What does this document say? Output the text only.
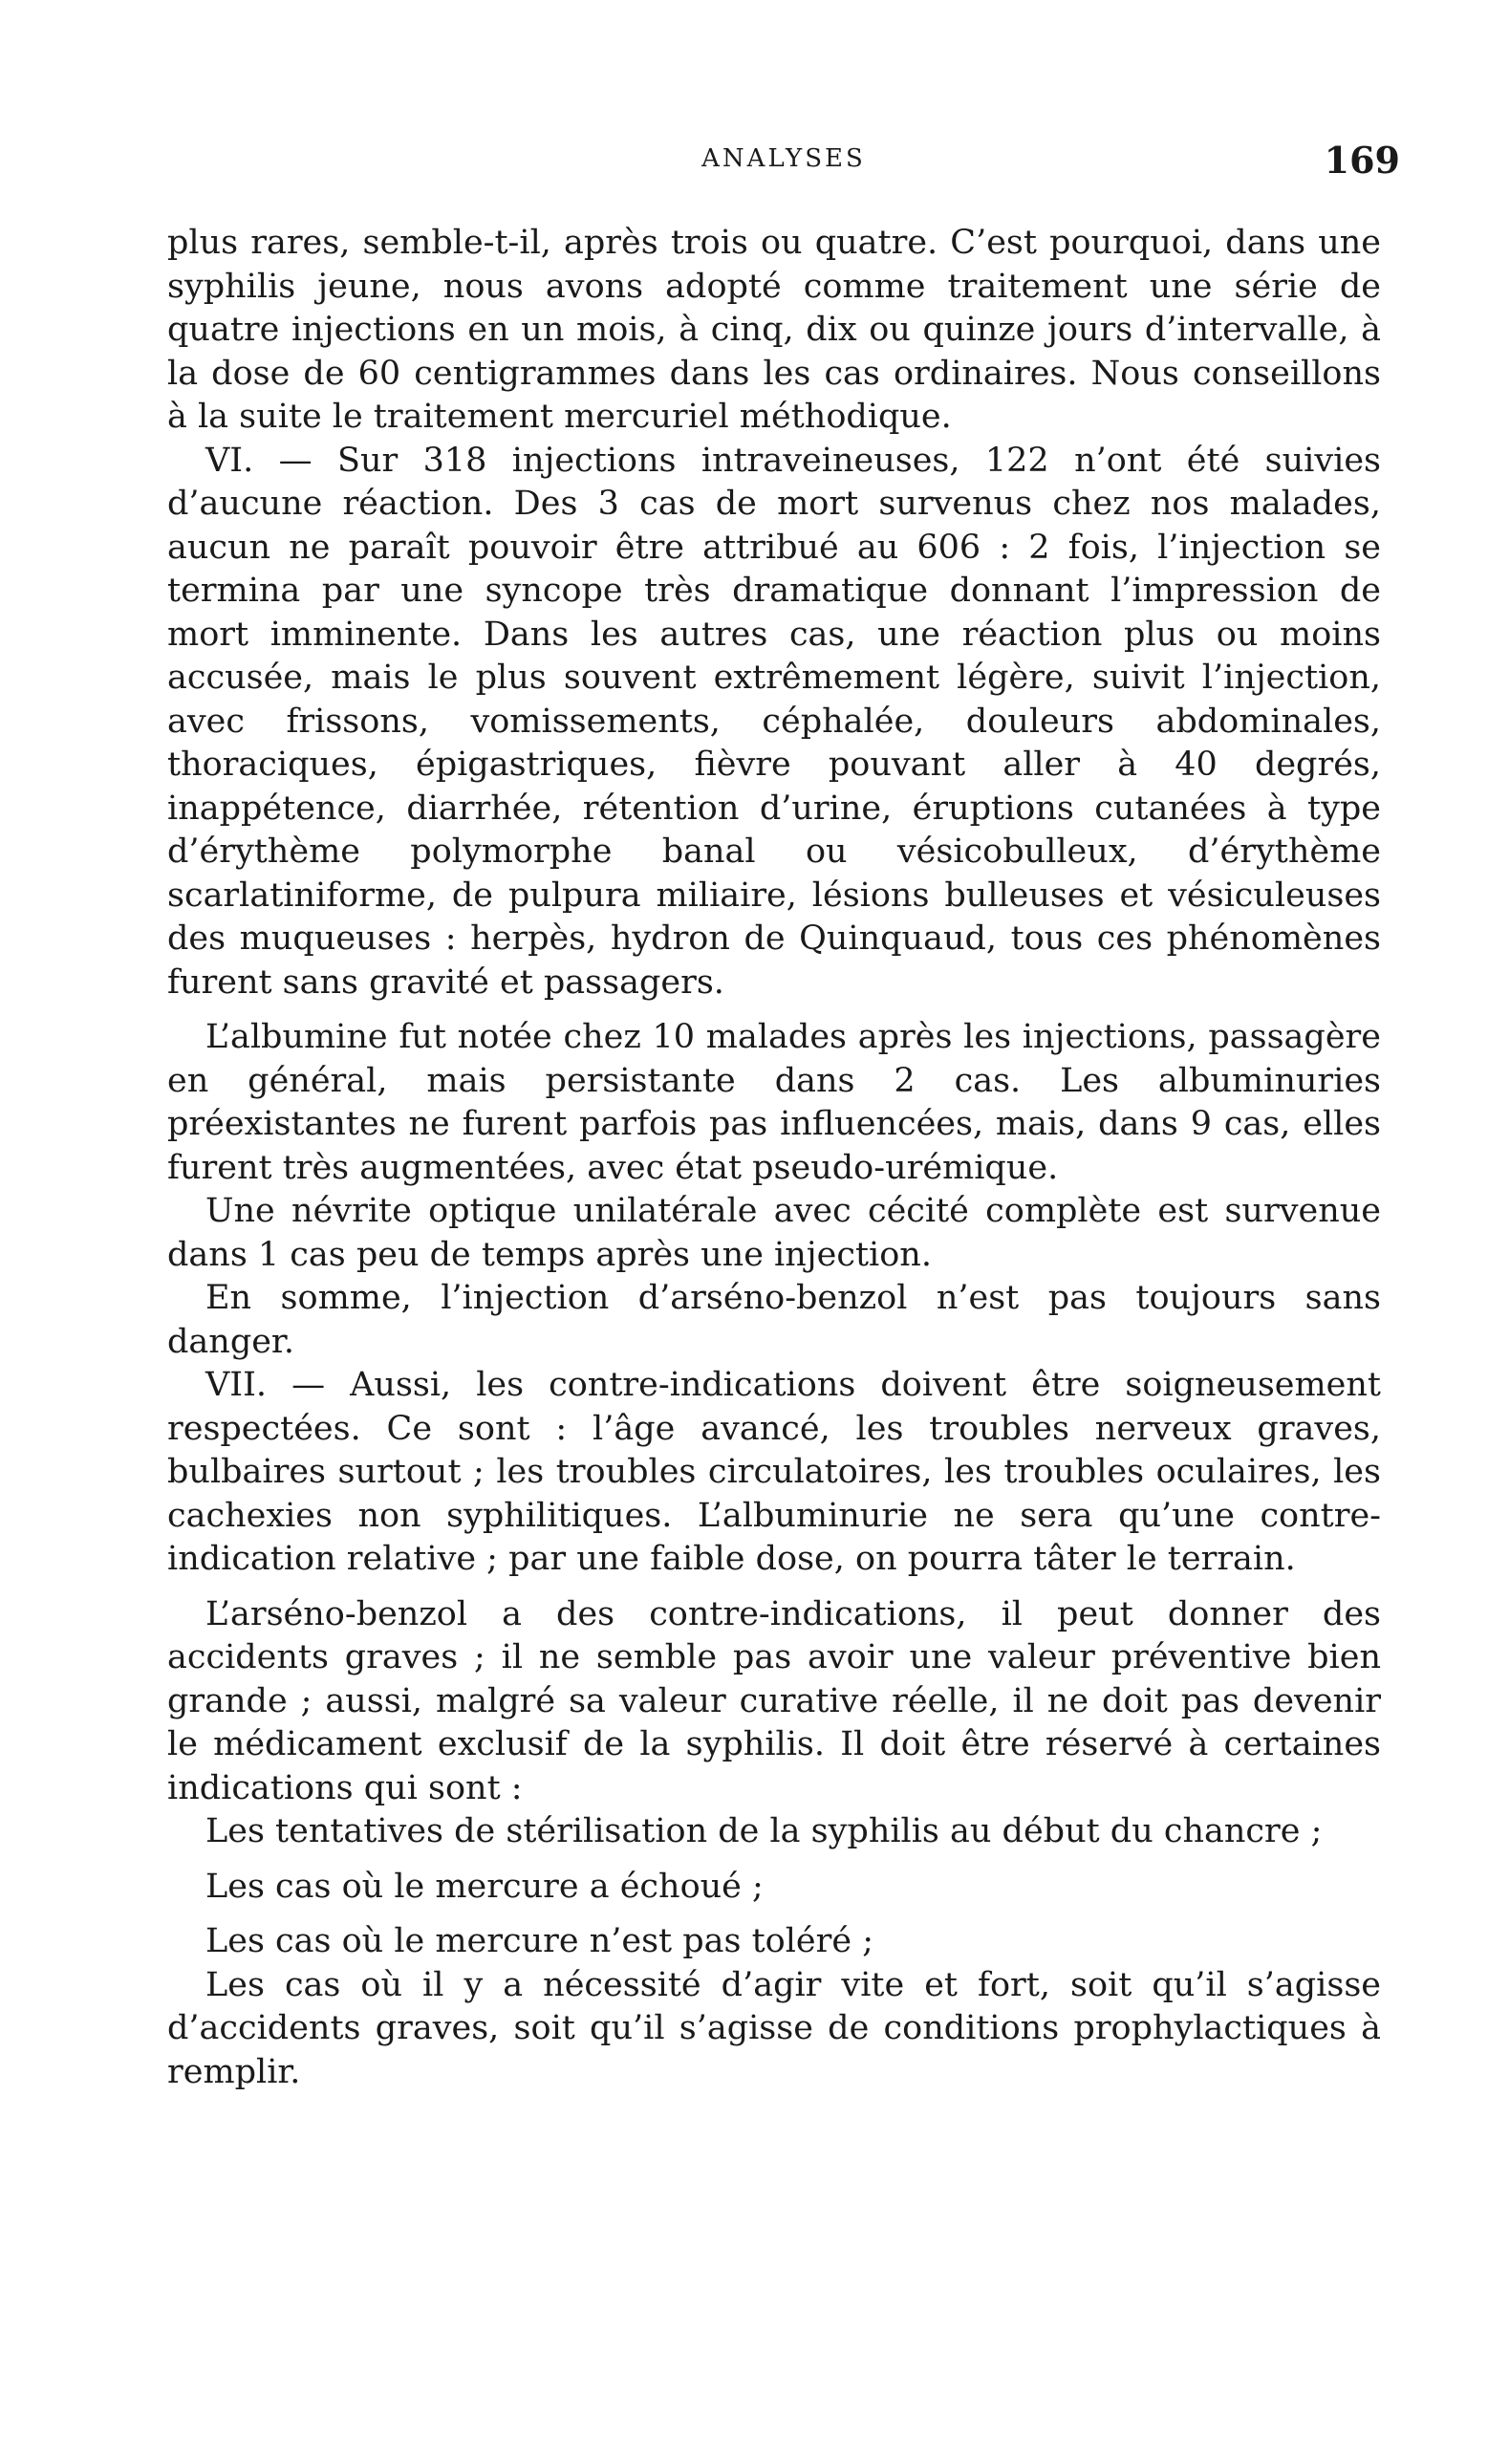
ANALYSES	169

plus rares, semble-t-il, après trois ou quatre. C’est pourquoi, dans une syphilis jeune, nous avons adopté comme traitement une série de quatre injections en un mois, à cinq, dix ou quinze jours d’intervalle, à la dose de 60 centigrammes dans les cas ordinaires. Nous conseillons à la suite le traitement mercuriel méthodique.

VI. — Sur 318 injections intraveineuses, 122 n’ont été suivies d’aucune réaction. Des 3 cas de mort survenus chez nos malades, aucun ne paraît pouvoir être attribué au 606 : 2 fois, l’injection se termina par une syncope très dramatique donnant l’impression de mort imminente. Dans les autres cas, une réaction plus ou moins accusée, mais le plus souvent extrêmement légère, suivit l’injection, avec frissons, vomissements, céphalée, douleurs abdominales, thoraciques, épigastriques, fièvre pouvant aller à 40 degrés, inappétence, diarrhée, rétention d’urine, éruptions cutanées à type d’érythème polymorphe banal ou vésicobulleux, d’érythème scarlatiniforme, de pulpura miliaire, lésions bulleuses et vésiculeuses des muqueuses : herpès, hydron de Quinquaud, tous ces phénomènes furent sans gravité et passagers.

L’albumine fut notée chez 10 malades après les injections, passagère en général, mais persistante dans 2 cas. Les albuminuries préexistantes ne furent parfois pas influencées, mais, dans 9 cas, elles furent très augmentées, avec état pseudo-urémique.

Une névrite optique unilatérale avec cécité complète est survenue dans 1 cas peu de temps après une injection.

En somme, l’injection d’arséno-benzol n’est pas toujours sans danger.

VII. — Aussi, les contre-indications doivent être soigneusement respectées. Ce sont : l’âge avancé, les troubles nerveux graves, bulbaires surtout ; les troubles circulatoires, les troubles oculaires, les cachexies non syphilitiques. L’albuminurie ne sera qu’une contre-indication relative ; par une faible dose, on pourra tâter le terrain.

L’arséno-benzol a des contre-indications, il peut donner des accidents graves ; il ne semble pas avoir une valeur préventive bien grande ; aussi, malgré sa valeur curative réelle, il ne doit pas devenir le médicament exclusif de la syphilis. Il doit être réservé à certaines indications qui sont :

Les tentatives de stérilisation de la syphilis au début du chancre ;

Les cas où le mercure a échoué ;

Les cas où le mercure n’est pas toléré ;

Les cas où il y a nécessité d’agir vite et fort, soit qu’il s’agisse d’accidents graves, soit qu’il s’agisse de conditions prophylactiques à remplir.
